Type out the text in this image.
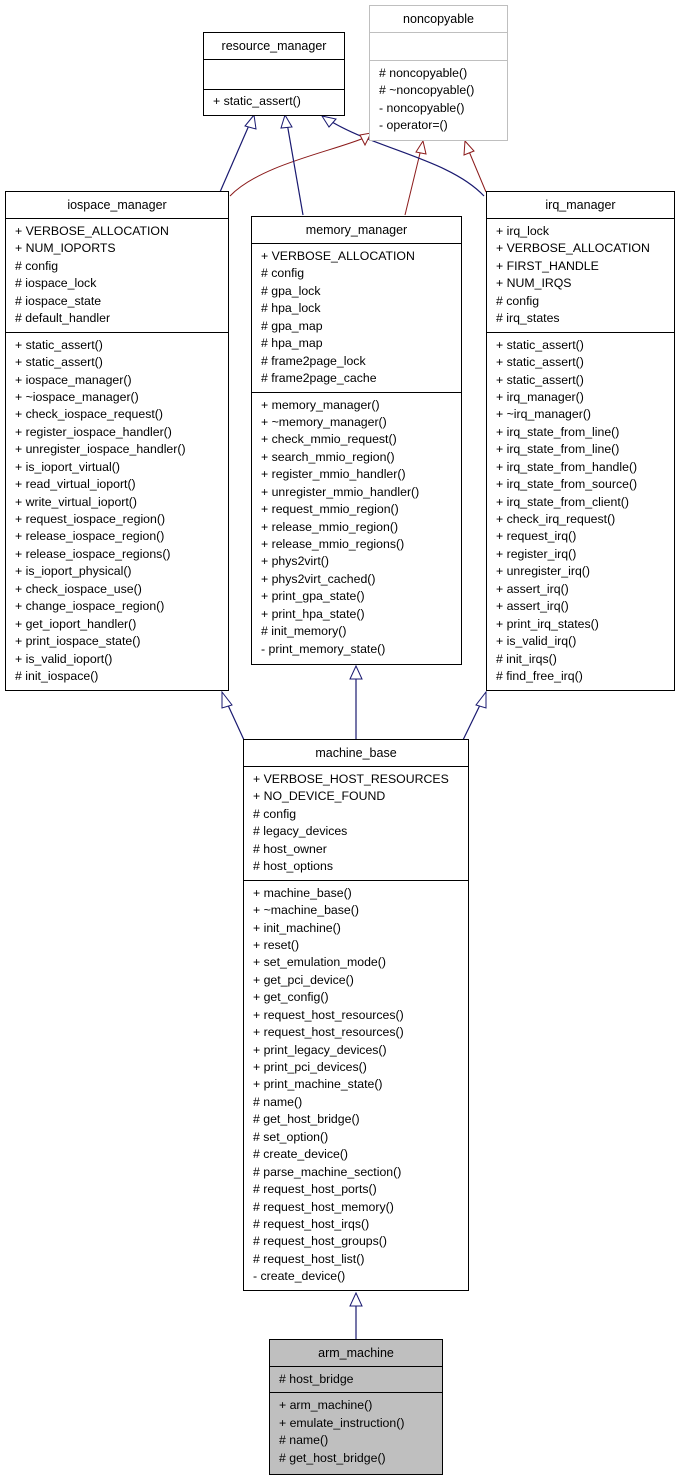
resource_manager
+ static_assert()
noncopyable
# noncopyable()
# ~noncopyable()
- noncopyable()
- operator=()
iospace_manager
+ VERBOSE_ALLOCATION
+ NUM_IOPORTS
# config
# iospace_lock
# iospace_state
# default_handler
+ static_assert()
+ static_assert()
+ iospace_manager()
+ ~iospace_manager()
+ check_iospace_request()
+ register_iospace_handler()
+ unregister_iospace_handler()
+ is_ioport_virtual()
+ read_virtual_ioport()
+ write_virtual_ioport()
+ request_iospace_region()
+ release_iospace_region()
+ release_iospace_regions()
+ is_ioport_physical()
+ check_iospace_use()
+ change_iospace_region()
+ get_ioport_handler()
+ print_iospace_state()
+ is_valid_ioport()
# init_iospace()
memory_manager
+ VERBOSE_ALLOCATION
# config
# gpa_lock
# hpa_lock
# gpa_map
# hpa_map
# frame2page_lock
# frame2page_cache
+ memory_manager()
+ ~memory_manager()
+ check_mmio_request()
+ search_mmio_region()
+ register_mmio_handler()
+ unregister_mmio_handler()
+ request_mmio_region()
+ release_mmio_region()
+ release_mmio_regions()
+ phys2virt()
+ phys2virt_cached()
+ print_gpa_state()
+ print_hpa_state()
# init_memory()
- print_memory_state()
irq_manager
+ irq_lock
+ VERBOSE_ALLOCATION
+ FIRST_HANDLE
+ NUM_IRQS
# config
# irq_states
+ static_assert()
+ static_assert()
+ static_assert()
+ irq_manager()
+ ~irq_manager()
+ irq_state_from_line()
+ irq_state_from_line()
+ irq_state_from_handle()
+ irq_state_from_source()
+ irq_state_from_client()
+ check_irq_request()
+ request_irq()
+ register_irq()
+ unregister_irq()
+ assert_irq()
+ assert_irq()
+ print_irq_states()
+ is_valid_irq()
# init_irqs()
# find_free_irq()
machine_base
+ VERBOSE_HOST_RESOURCES
+ NO_DEVICE_FOUND
# config
# legacy_devices
# host_owner
# host_options
+ machine_base()
+ ~machine_base()
+ init_machine()
+ reset()
+ set_emulation_mode()
+ get_pci_device()
+ get_config()
+ request_host_resources()
+ request_host_resources()
+ print_legacy_devices()
+ print_pci_devices()
+ print_machine_state()
# name()
# get_host_bridge()
# set_option()
# create_device()
# parse_machine_section()
# request_host_ports()
# request_host_memory()
# request_host_irqs()
# request_host_groups()
# request_host_list()
- create_device()
arm_machine
# host_bridge
+ arm_machine()
+ emulate_instruction()
# name()
# get_host_bridge()
